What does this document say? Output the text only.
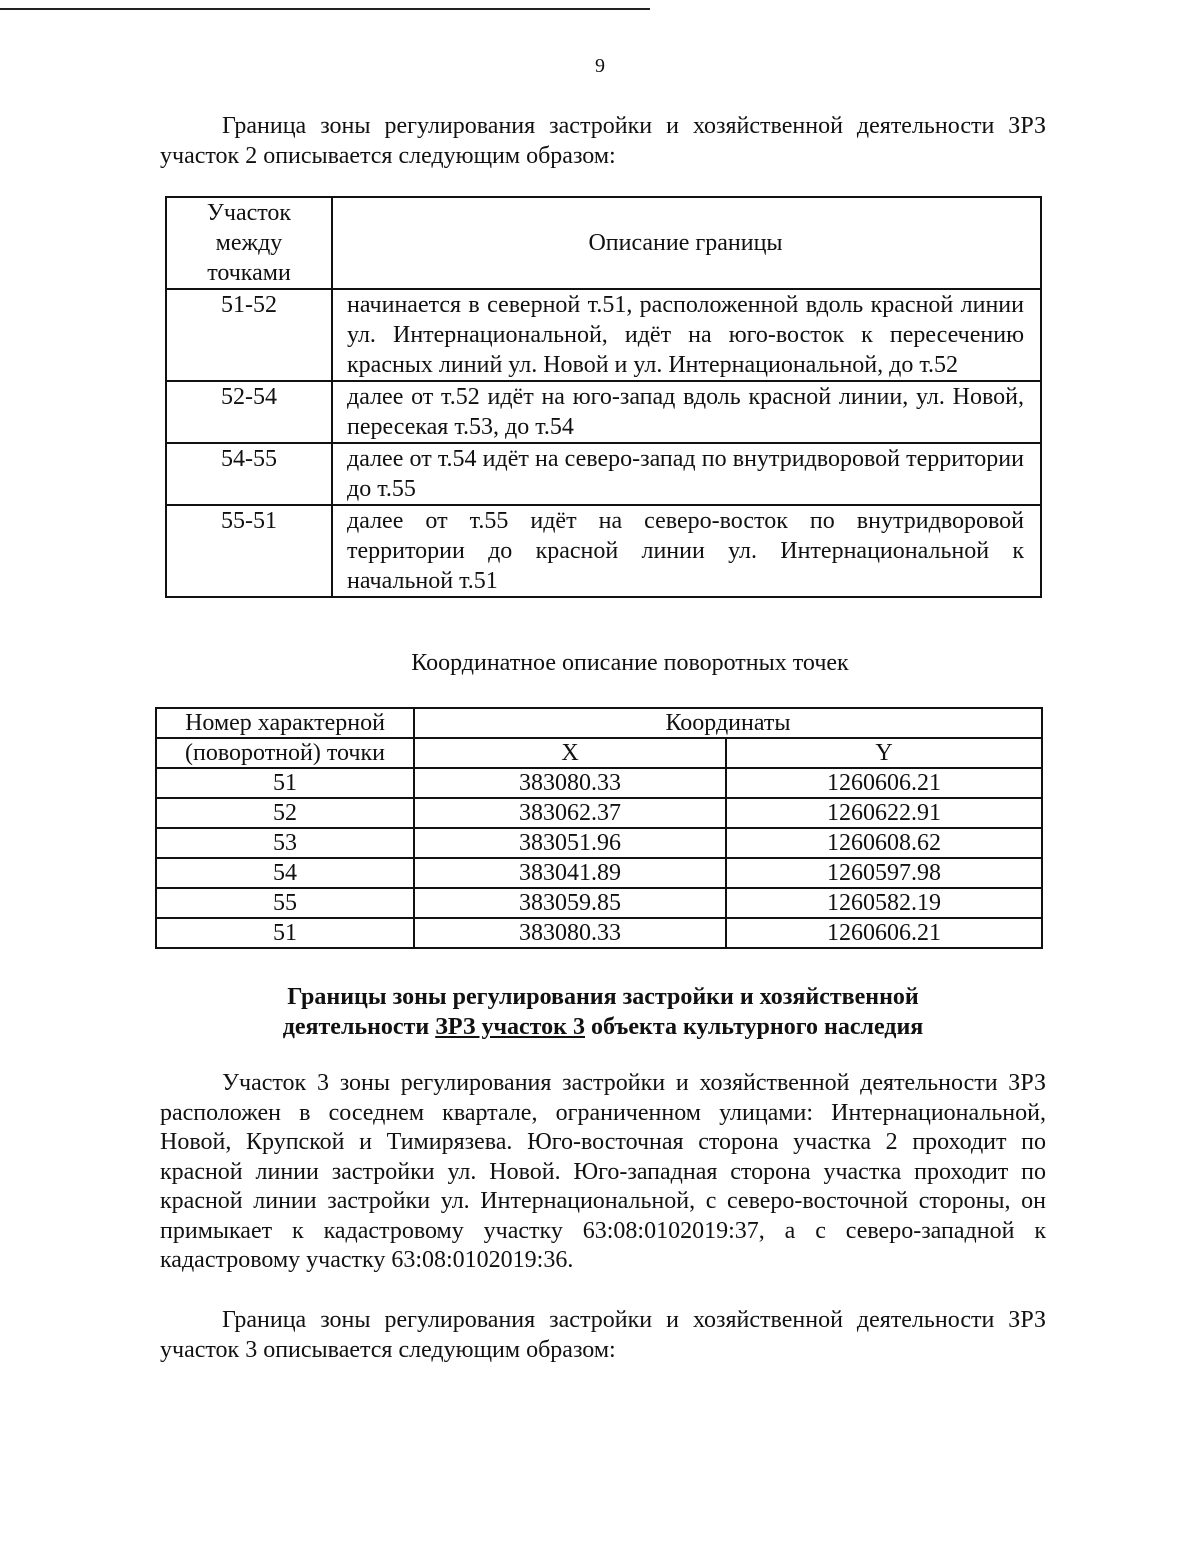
9

Граница зоны регулирования застройки и хозяйственной деятельности ЗРЗ участок 2 описывается следующим образом:

Участок
между
точками	Описание границы
51-52	начинается в северной т.51, расположенной вдоль красной линии ул. Интернациональной, идёт на юго-восток к пересечению красных линий ул. Новой и ул. Интернациональной, до т.52
52-54	далее от т.52 идёт на юго-запад вдоль красной линии, ул. Новой, пересекая т.53, до т.54
54-55	далее от т.54 идёт на северо-запад по внутридворовой территории до т.55
55-51	далее от т.55 идёт на северо-восток по внутридворовой территории до красной линии ул. Интернациональной к начальной т.51
Координатное описание поворотных точек
Номер характерной	Координаты	
(поворотной) точки	X	Y
51	383080.33	1260606.21
52	383062.37	1260622.91
53	383051.96	1260608.62
54	383041.89	1260597.98
55	383059.85	1260582.19
51	383080.33	1260606.21
Границы зоны регулирования застройки и хозяйственной
деятельности ЗРЗ участок 3 объекта культурного наследия

Участок 3 зоны регулирования застройки и хозяйственной деятельности ЗРЗ расположен в соседнем квартале, ограниченном улицами: Интернациональной, Новой, Крупской и Тимирязева. Юго-восточная сторона участка 2 проходит по красной линии застройки ул. Новой. Юго-западная сторона участка проходит по красной линии застройки ул. Интернациональной, с северо-восточной стороны, он примыкает к кадастровому участку 63:08:0102019:37, а с северо-западной к кадастровому участку 63:08:0102019:36.

Граница зоны регулирования застройки и хозяйственной деятельности ЗРЗ участок 3 описывается следующим образом:
